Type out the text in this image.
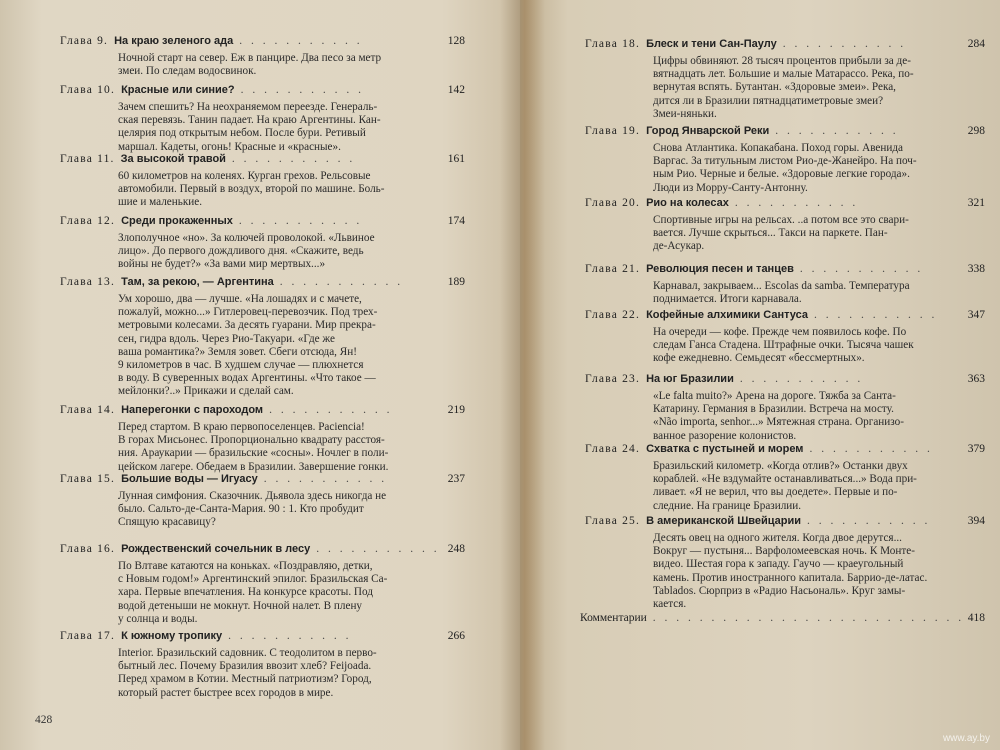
Глава 9. На краю зеленого ада . . . . . . . . . . .	128
Ночной старт на север. Еж в панцире. Два песо за метр
змеи. По следам водосвинок.
Глава 10. Красные или синие? . . . . . . . . . . .	142
Зачем спешить? На неохраняемом переезде. Генераль-
ская перевязь. Танин падает. На краю Аргентины. Кан-
целярия под открытым небом. После бури. Ретивый
маршал. Кадеты, огонь! Красные и «красные».
Глава 11. За высокой травой . . . . . . . . . . .	161
60 километров на коленях. Курган грехов. Рельсовые
автомобили. Первый в воздух, второй по машине. Боль-
шие и маленькие.
Глава 12. Среди прокаженных . . . . . . . . . . .	174
Злополучное «но». За колючей проволокой. «Львиное
лицо». До первого дождливого дня. «Скажите, ведь
войны не будет?» «За вами мир мертвых...»
Глава 13. Там, за рекою, — Аргентина . . . . . . . . . . .	189
Ум хорошо, два — лучше. «На лошадях и с мачете,
пожалуй, можно...» Гитлеровец-перевозчик. Под трех-
метровыми колесами. За десять гуарани. Мир прекра-
сен, гидра вдоль. Через Рио-Такуари. «Где же
ваша романтика?» Земля зовет. Сбеги отсюда, Ян!
9 километров в час. В худшем случае — плюхнется
в воду. В суверенных водах Аргентины. «Что такое —
мейлонки?..» Прикажи и сделай сам.
Глава 14. Наперегонки с пароходом . . . . . . . . . . .	219
Перед стартом. В краю первопоселенцев. Paciencia!
В горах Мисьонес. Пропорционально квадрату расстоя-
ния. Араукарии — бразильские «сосны». Ночлег в поли-
цейском лагере. Обедаем в Бразилии. Завершение гонки.
Глава 15. Большие воды — Игуасу . . . . . . . . . . .	237
Лунная симфония. Сказочник. Дьявола здесь никогда не
было. Сальто-де-Санта-Мария. 90 : 1. Кто пробудит
Спящую красавицу?
Глава 16. Рождественский сочельник в лесу . . . . . . . . . . . 248
По Влтаве катаются на коньках. «Поздравляю, детки,
с Новым годом!» Аргентинский эпилог. Бразильская Са-
хара. Первые впечатления. На конкурсе красоты. Под
водой детеныши не мокнут. Ночной налет. В плену
у солнца и воды.
Глава 17. К южному тропику . . . . . . . . . . .	266
Interior. Бразильский садовник. С теодолитом в перво-
бытный лес. Почему Бразилия ввозит хлеб? Feijoada.
Перед храмом в Котии. Местный патриотизм? Город,
который растет быстрее всех городов в мире.
428
Комментарии . . . . . . . . . . . . . . . . . . . . . . . . . . . 418
Глава 18. Блеск и тени Сан-Паулу . . . . . . . . . . .	284
Цифры обвиняют. 28 тысяч процентов прибыли за де-
вятнадцать лет. Большие и малые Матарассо. Река, по-
вернутая вспять. Бутантан. «Здоровые змеи». Река,
дится ли в Бразилии пятнадцатиметровые змеи?
Змеи-няньки.
Глава 19. Город Январской Реки . . . . . . . . . . .	298
Снова Атлантика. Копакабана. Поход горы. Авенида
Варгас. За титульным листом Рио-де-Жанейро. На поч-
ным Рио. Черные и белые. «Здоровые легкие города».
Люди из Морру-Санту-Антонну.
Глава 20. Рио на колесах . . . . . . . . . . .	321
Спортивные игры на рельсах. ..а потом все это свари-
вается. Лучше скрыться... Такси на паркете. Пан-
де-Асукар.
Глава 21. Революция песен и танцев . . . . . . . . . . .	338
Карнавал, закрываем... Escolas da samba. Температура
поднимается. Итоги карнавала.
Глава 22. Кофейные алхимики Сантуса . . . . . . . . . . .	347
На очереди — кофе. Прежде чем появилось кофе. По
следам Ганса Стадена. Штрафные очки. Тысяча чашек
кофе ежедневно. Семьдесят «бессмертных».
Глава 23. На юг Бразилии . . . . . . . . . . .	363
«Le falta muito?» Арена на дороге. Тяжба за Санта-
Катарину. Германия в Бразилии. Встреча на мосту.
«Não importa, senhor...» Мятежная страна. Организо-
ванное разорение колонистов.
Глава 24. Схватка с пустыней и морем . . . . . . . . . . .	379
Бразильский километр. «Когда отлив?» Останки двух
кораблей. «Не вздумайте останавливаться...» Вода при-
ливает. «Я не верил, что вы доедете». Первые и по-
следние. На границе Бразилии.
Глава 25. В американской Швейцарии . . . . . . . . . . .	394
Десять овец на одного жителя. Когда двое дерутся...
Вокруг — пустыня... Варфоломеевская ночь. К Монте-
видео. Шестая гора к западу. Гаучо — краеугольный
камень. Против инострaнного капитала. Баррио-де-латас.
Tablados. Сюрприз в «Радио Насьональ». Круг замы-
кается.
www.ay.by
